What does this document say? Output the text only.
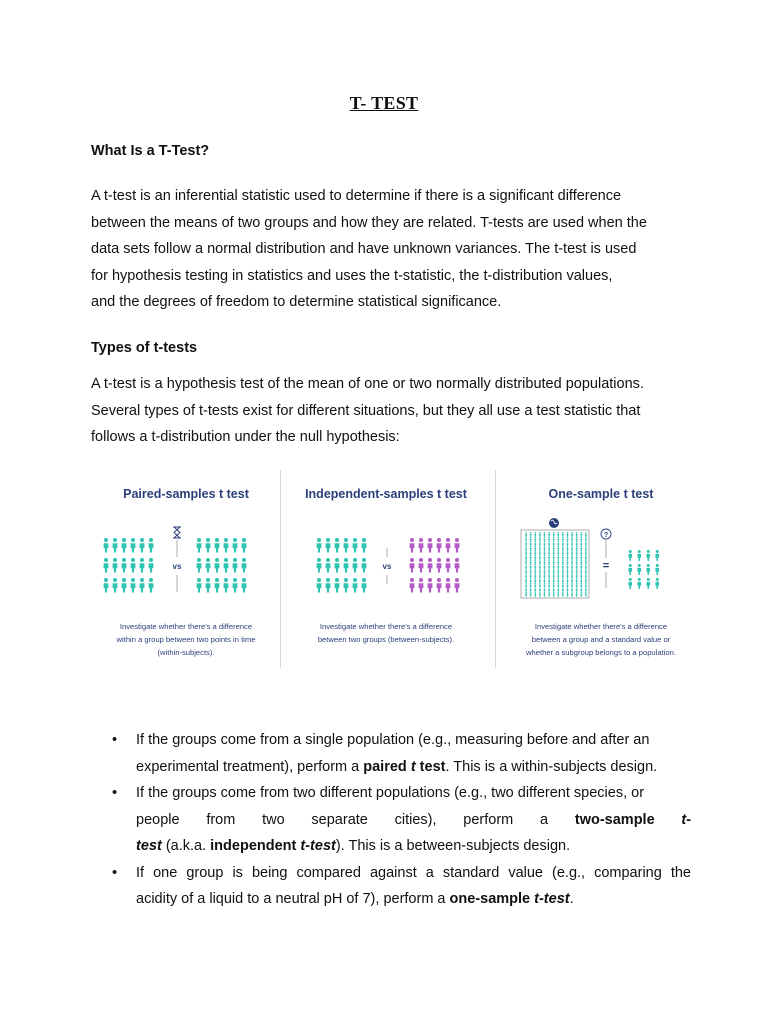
T- TEST
What Is a T-Test?

A t-test is an inferential statistic used to determine if there is a significant difference
between the means of two groups and how they are related. T-tests are used when the
data sets follow a normal distribution and have unknown variances. The t-test is used
for hypothesis testing in statistics and uses the t-statistic, the t-distribution values,
and the degrees of freedom to determine statistical significance.

Types of t-tests

A t-test is a hypothesis test of the mean of one or two normally distributed populations.
Several types of t-tests exist for different situations, but they all use a test statistic that
follows a t-distribution under the null hypothesis:

Paired-samples t test
vs
Investigate whether there's a difference
within a group between two points in time
(within-subjects).
Independent-samples t test
vs
Investigate whether there's a difference
between two groups (between-subjects).
One-sample t test
?
=
Investigate whether there's a difference
between a group and a standard value or
whether a subgroup belongs to a population.
• If the groups come from a single population (e.g., measuring before and after an
experimental treatment), perform a paired t test. This is a within-subjects design.
• If the groups come from two different populations (e.g., two different species, or
people from two separate cities), perform a two-sample t-
test (a.k.a. independent t-test). This is a between-subjects design.
• If one group is being compared against a standard value (e.g., comparing the
acidity of a liquid to a neutral pH of 7), perform a one-sample t-test.
